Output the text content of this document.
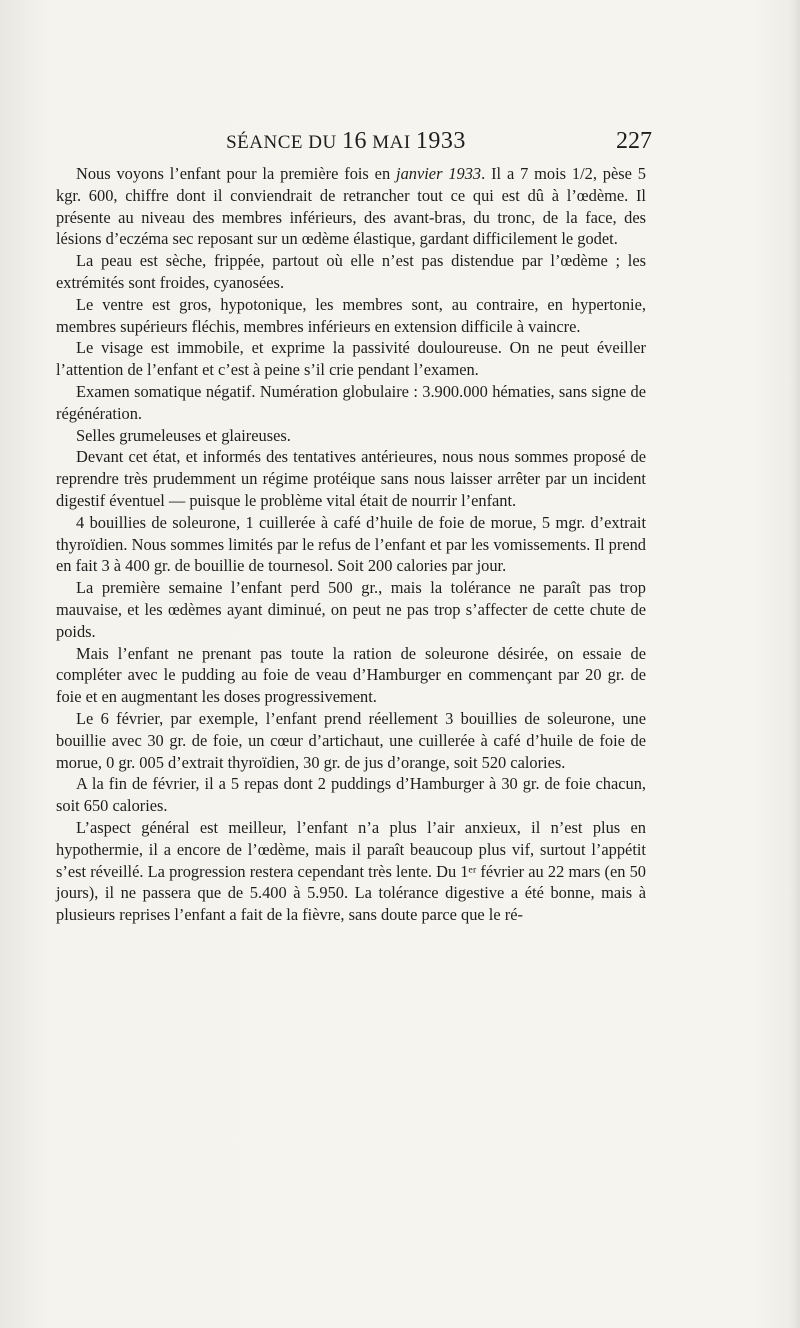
SÉANCE DU 16 MAI 1933	227

Nous voyons l’enfant pour la première fois en janvier 1933. Il a 7 mois 1/2, pèse 5 kgr. 600, chiffre dont il conviendrait de retrancher tout ce qui est dû à l’œdème. Il présente au niveau des membres inférieurs, des avant-bras, du tronc, de la face, des lésions d’eczéma sec reposant sur un œdème élastique, gardant difficilement le godet.

La peau est sèche, frippée, partout où elle n’est pas distendue par l’œdème ; les extrémités sont froides, cyanosées.

Le ventre est gros, hypotonique, les membres sont, au contraire, en hypertonie, membres supérieurs fléchis, membres inférieurs en extension difficile à vaincre.

Le visage est immobile, et exprime la passivité douloureuse. On ne peut éveiller l’attention de l’enfant et c’est à peine s’il crie pendant l’examen.

Examen somatique négatif. Numération globulaire : 3.900.000 hématies, sans signe de régénération.

Selles grumeleuses et glaireuses.

Devant cet état, et informés des tentatives antérieures, nous nous sommes proposé de reprendre très prudemment un régime protéique sans nous laisser arrêter par un incident digestif éventuel — puisque le problème vital était de nourrir l’enfant.

4 bouillies de soleurone, 1 cuillerée à café d’huile de foie de morue, 5 mgr. d’extrait thyroïdien. Nous sommes limités par le refus de l’enfant et par les vomissements. Il prend en fait 3 à 400 gr. de bouillie de tournesol. Soit 200 calories par jour.

La première semaine l’enfant perd 500 gr., mais la tolérance ne paraît pas trop mauvaise, et les œdèmes ayant diminué, on peut ne pas trop s’affecter de cette chute de poids.

Mais l’enfant ne prenant pas toute la ration de soleurone désirée, on essaie de compléter avec le pudding au foie de veau d’Hamburger en commençant par 20 gr. de foie et en augmentant les doses progressivement.

Le 6 février, par exemple, l’enfant prend réellement 3 bouillies de soleurone, une bouillie avec 30 gr. de foie, un cœur d’artichaut, une cuillerée à café d’huile de foie de morue, 0 gr. 005 d’extrait thyroïdien, 30 gr. de jus d’orange, soit 520 calories.

A la fin de février, il a 5 repas dont 2 puddings d’Hamburger à 30 gr. de foie chacun, soit 650 calories.

L’aspect général est meilleur, l’enfant n’a plus l’air anxieux, il n’est plus en hypothermie, il a encore de l’œdème, mais il paraît beaucoup plus vif, surtout l’appétit s’est réveillé. La progression restera cependant très lente. Du 1ᵉʳ février au 22 mars (en 50 jours), il ne passera que de 5.400 à 5.950. La tolérance digestive a été bonne, mais à plusieurs reprises l’enfant a fait de la fièvre, sans doute parce que le ré-
